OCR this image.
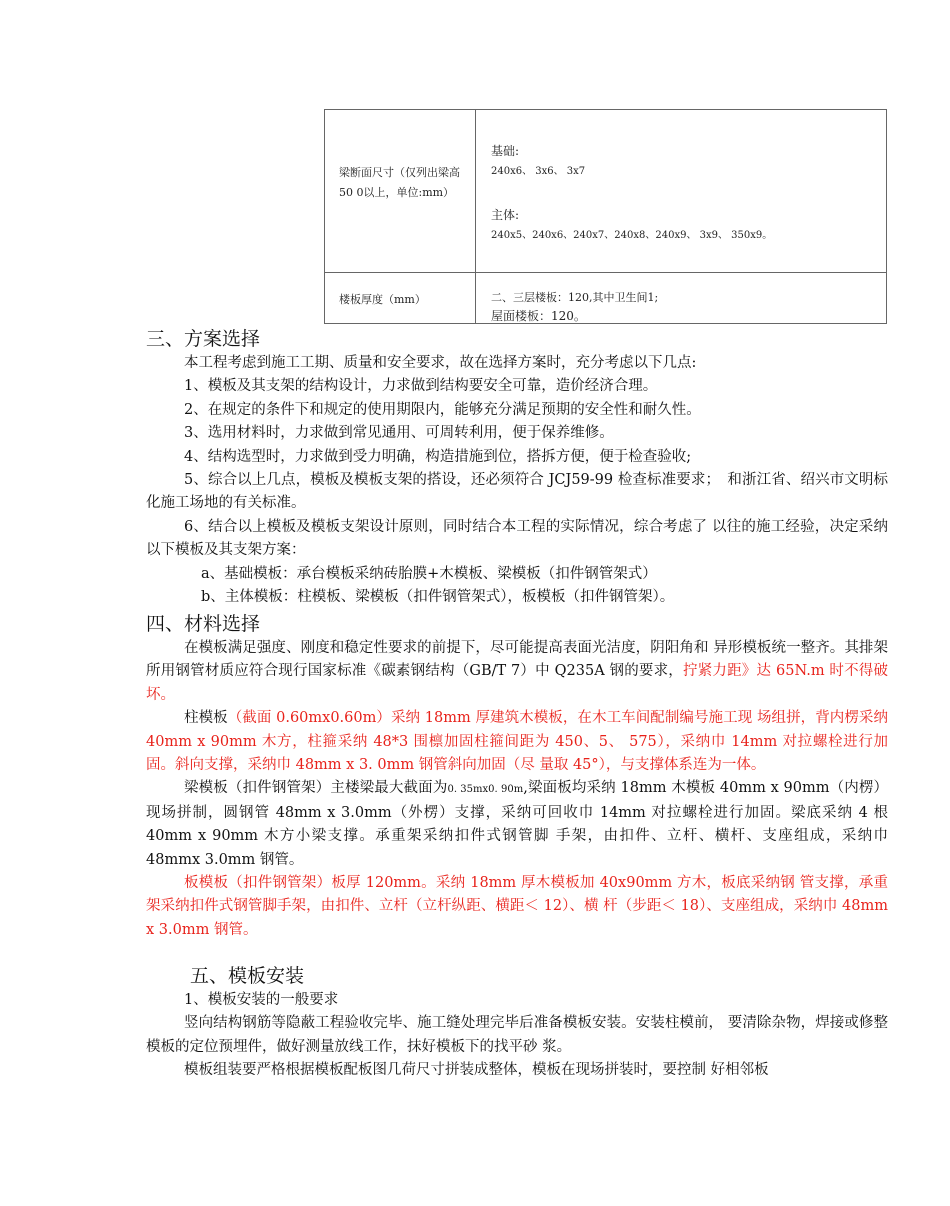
梁断面尺寸（仅列出梁高50 0以上，单位:mm）
基础:
240x6、 3x6、 3x7
主体:
240x5、240x6、240x7、240x8、240x9、 3x9、 350x9。
楼板厚度（mm）	二、三层楼板：120,其中卫生间1;
屋面楼板：120。
三、方案选择

本工程考虑到施工工期、质量和安全要求，故在选择方案时，充分考虑以下几点:

1、模板及其支架的结构设计，力求做到结构要安全可靠，造价经济合理。

2、在规定的条件下和规定的使用期限内，能够充分满足预期的安全性和耐久性。

3、选用材料时，力求做到常见通用、可周转利用，便于保养维修。

4、结构选型时，力求做到受力明确，构造措施到位，搭拆方便，便于检查验收;

5、综合以上几点，模板及模板支架的搭设，还必须符合 JCJ59-99 检查标准要求；　和浙江省、绍兴市文明标化施工场地的有关标准。

6、结合以上模板及模板支架设计原则，同时结合本工程的实际情况，综合考虑了 以往的施工经验，决定采纳以下模板及其支架方案：

a、基础模板：承台模板采纳砖胎膜+木模板、梁模板（扣件钢管架式）

b、主体模板：柱模板、梁模板（扣件钢管架式），板模板（扣件钢管架）。

四、材料选择

在模板满足强度、刚度和稳定性要求的前提下，尽可能提高表面光洁度，阴阳角和 异形模板统一整齐。其排架所用钢管材质应符合现行国家标准《碳素钢结构（GB/T 7）中 Q235A 钢的要求，拧紧力距》达 65N.m 时不得破坏。

柱模板（截面 0.60mx0.60m）采纳 18mm 厚建筑木模板，在木工车间配制编号施工现 场组拼，背内楞采纳 40mm x 90mm 木方，柱箍采纳 48*3 围檩加固柱箍间距为 450、5、 575），采纳巾 14mm 对拉螺栓进行加固。斜向支撑，采纳巾 48mm x 3. 0mm 钢管斜向加固（尽 量取 45°），与支撑体系连为一体。

梁模板（扣件钢管架）主楼梁最大截面为0. 35mx0. 90m,梁面板均采纳 18mm 木模板 40mm x 90mm（内楞）现场拼制，圆钢管 48mm x 3.0mm（外楞）支撑，采纳可回收巾 14mm 对拉螺栓进行加固。梁底采纳 4 根 40mm x 90mm 木方小梁支撑。承重架采纳扣件式钢管脚 手架，由扣件、立杆、横杆、支座组成，采纳巾 48mmx 3.0mm 钢管。

板模板（扣件钢管架）板厚 120mm。采纳 18mm 厚木模板加 40x90mm 方木，板底采纳钢 管支撑，承重架采纳扣件式钢管脚手架，由扣件、立杆（立杆纵距、横距＜ 12）、横 杆（步距＜ 18）、支座组成，采纳巾 48mm x 3.0mm 钢管。

五、模板安装

1、模板安装的一般要求

竖向结构钢筋等隐蔽工程验收完毕、施工缝处理完毕后准备模板安装。安装柱模前， 要清除杂物，焊接或修整模板的定位预埋件，做好测量放线工作，抹好模板下的找平砂 浆。

模板组装要严格根据模板配板图几荷尺寸拼装成整体，模板在现场拼装时，要控制 好相邻板
